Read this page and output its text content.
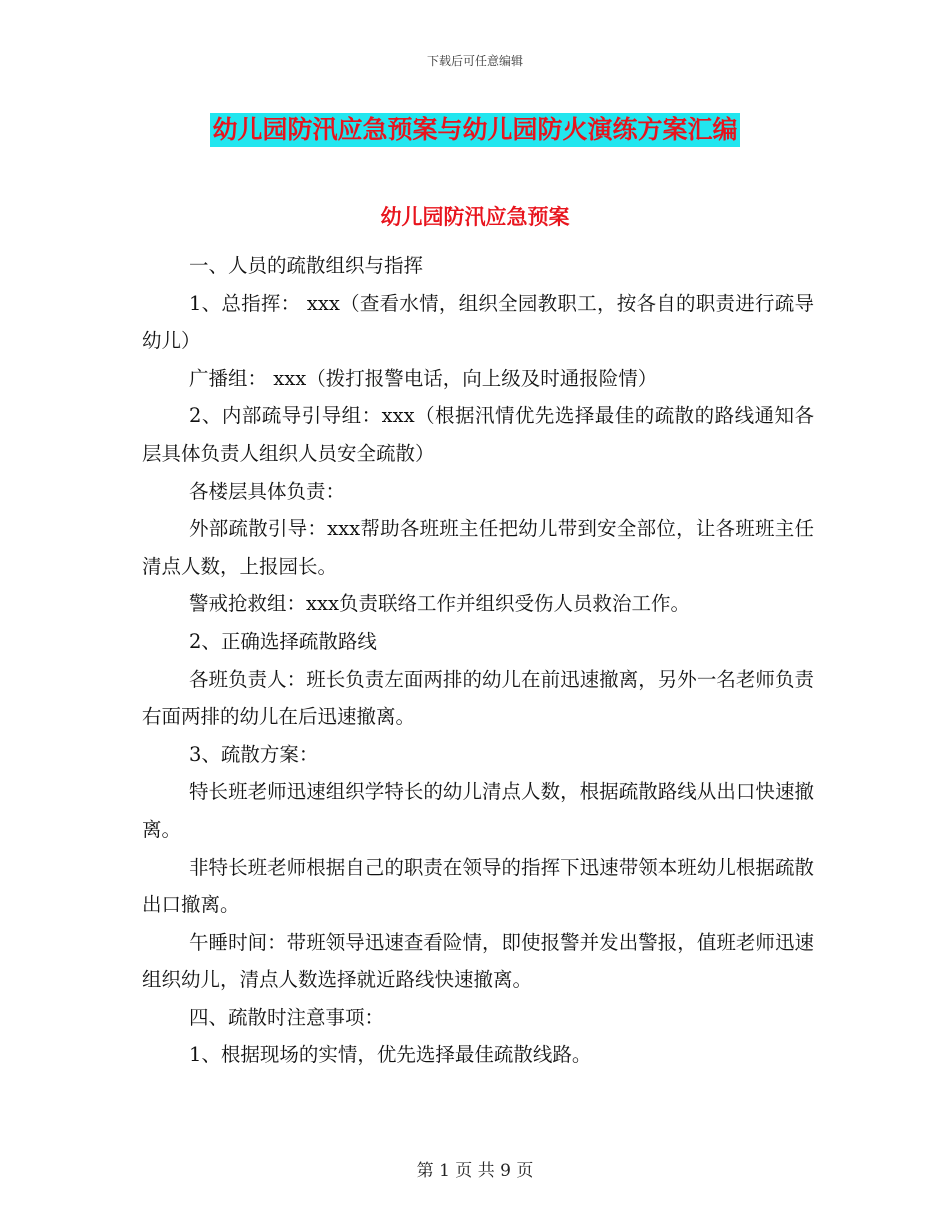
下载后可任意编辑
幼儿园防汛应急预案与幼儿园防火演练方案汇编
幼儿园防汛应急预案

一、人员的疏散组织与指挥

1、总指挥： xxx（查看水情，组织全园教职工，按各自的职责进行疏导幼儿）

广播组： xxx（拨打报警电话，向上级及时通报险情）

2、内部疏导引导组：xxx（根据汛情优先选择最佳的疏散的路线通知各层具体负责人组织人员安全疏散）

各楼层具体负责：

外部疏散引导：xxx帮助各班班主任把幼儿带到安全部位，让各班班主任清点人数，上报园长。

警戒抢救组：xxx负责联络工作并组织受伤人员救治工作。

2、正确选择疏散路线

各班负责人：班长负责左面两排的幼儿在前迅速撤离，另外一名老师负责右面两排的幼儿在后迅速撤离。

3、疏散方案：

特长班老师迅速组织学特长的幼儿清点人数，根据疏散路线从出口快速撤离。

非特长班老师根据自己的职责在领导的指挥下迅速带领本班幼儿根据疏散出口撤离。

午睡时间：带班领导迅速查看险情，即使报警并发出警报，值班老师迅速组织幼儿，清点人数选择就近路线快速撤离。

四、疏散时注意事项：

1、根据现场的实情，优先选择最佳疏散线路。

第 1 页 共 9 页
